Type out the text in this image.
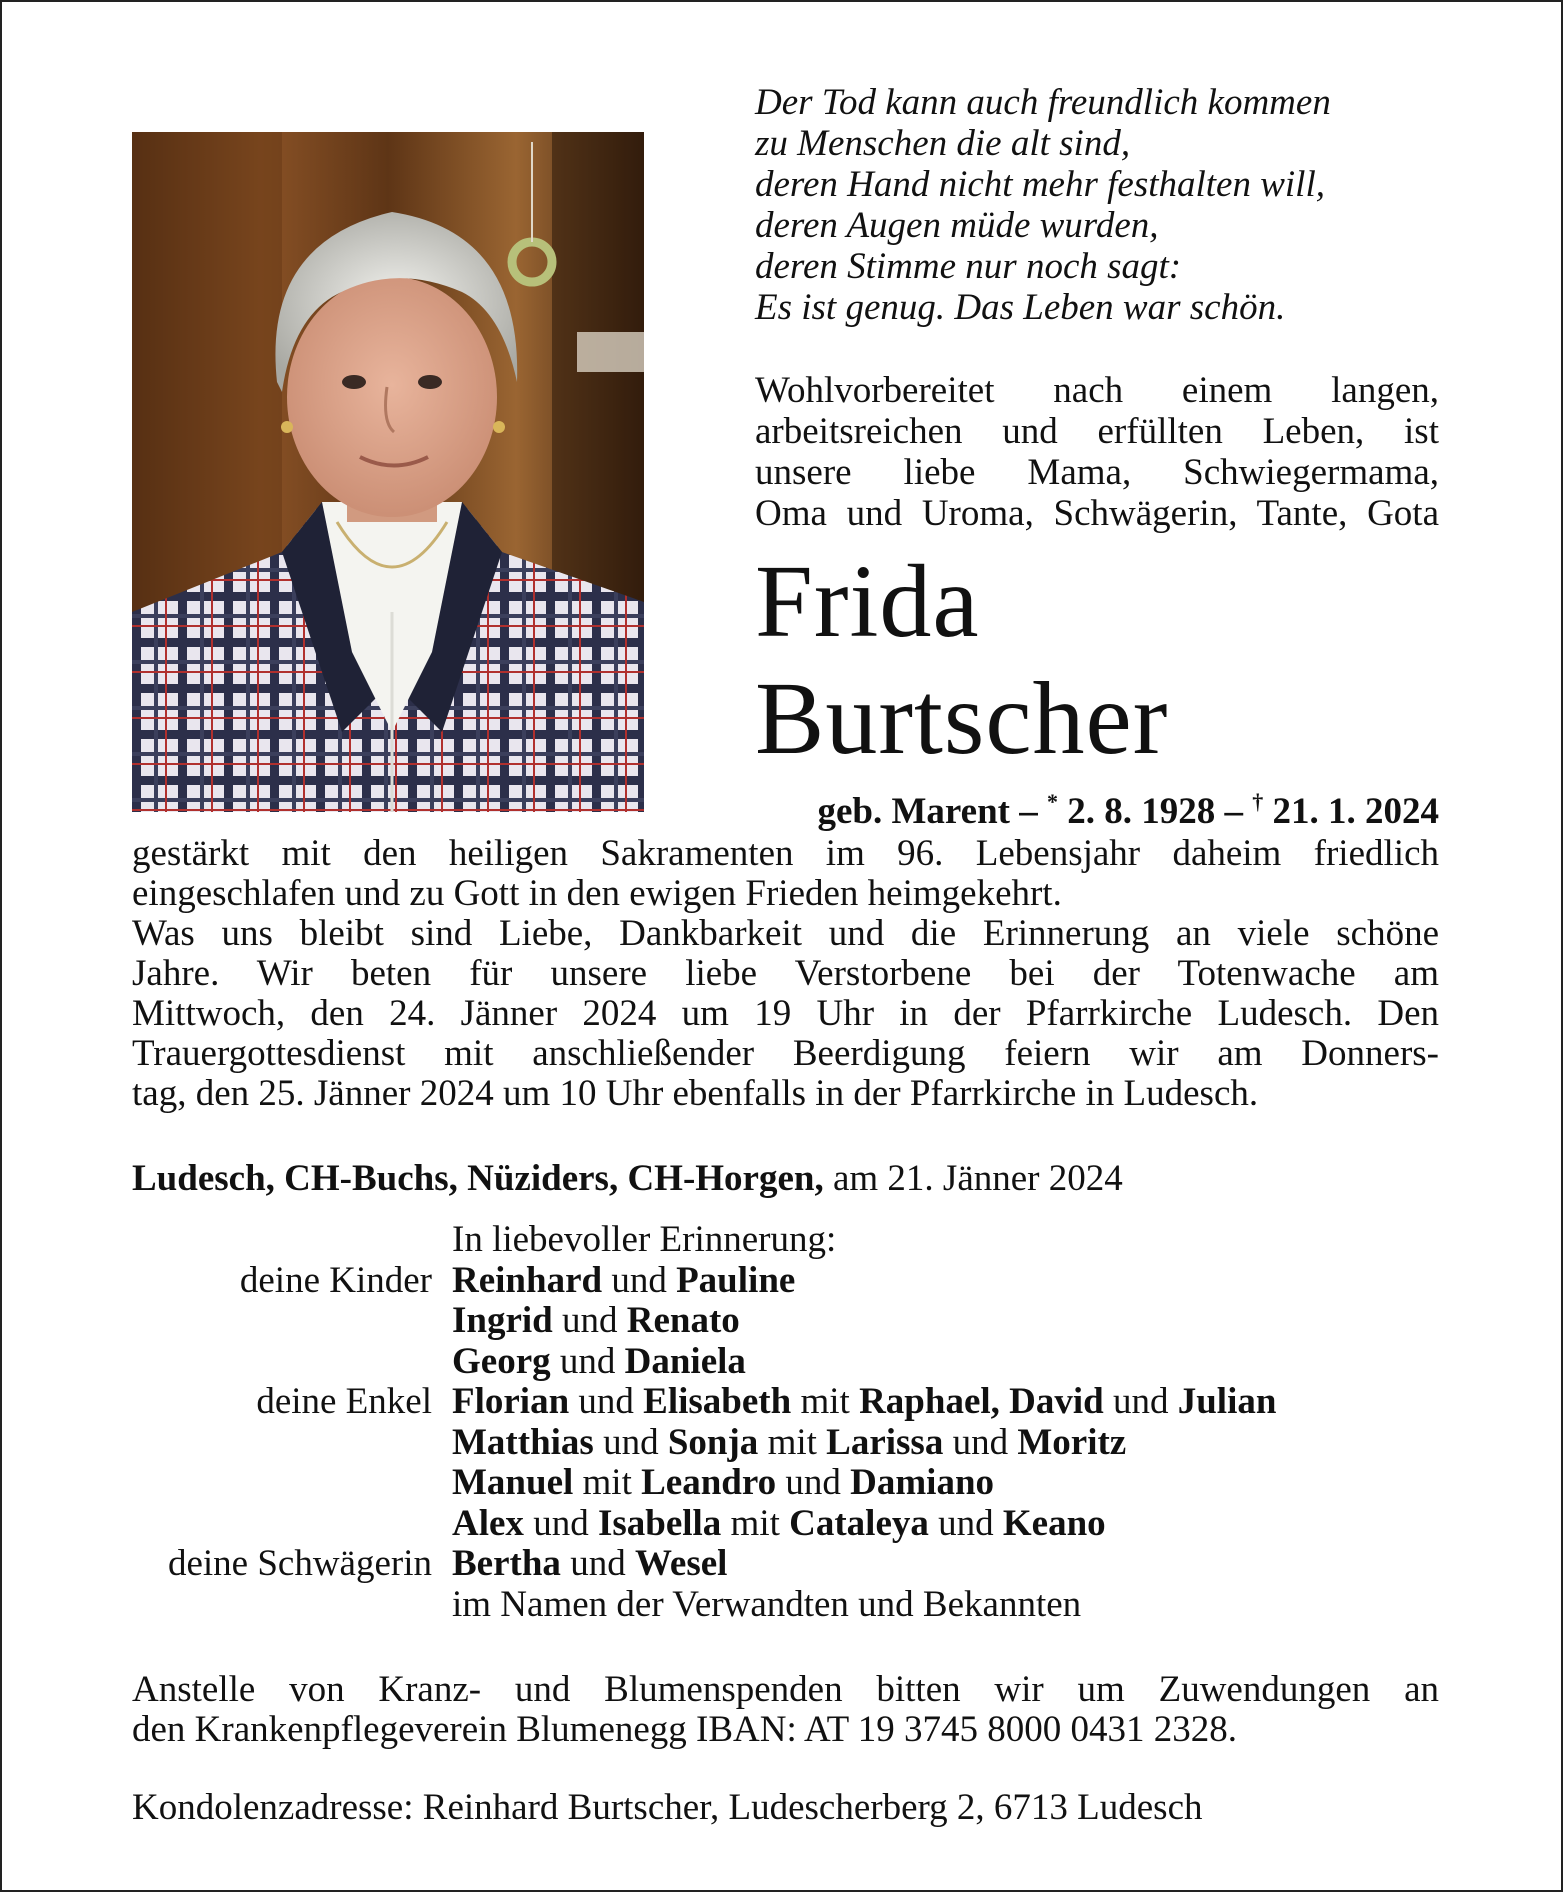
Der Tod kann auch freundlich kommen
zu Menschen die alt sind,
deren Hand nicht mehr festhalten will,
deren Augen müde wurden,
deren Stimme nur noch sagt:
Es ist genug. Das Leben war schön.
Wohlvorbereitet nach einem langen,
arbeitsreichen und erfüllten Leben, ist
unsere liebe Mama, Schwiegermama,
Oma und Uroma, Schwägerin, Tante, Gota
Frida
Burtscher
geb. Marent – * 2. 8. 1928 – † 21. 1. 2024
gestärkt mit den heiligen Sakramenten im 96. Lebensjahr daheim friedlich
eingeschlafen und zu Gott in den ewigen Frieden heimgekehrt.
Was uns bleibt sind Liebe, Dankbarkeit und die Erinnerung an viele schöne
Jahre. Wir beten für unsere liebe Verstorbene bei der Totenwache am
Mittwoch, den 24. Jänner 2024 um 19 Uhr in der Pfarrkirche Ludesch. Den
Trauergottesdienst mit anschließender Beerdigung feiern wir am Donners-
tag, den 25. Jänner 2024 um 10 Uhr ebenfalls in der Pfarrkirche in Ludesch.
Ludesch, CH-Buchs, Nüziders, CH-Horgen, am 21. Jänner 2024
In liebevoller Erinnerung:
deine Kinder Reinhard und Pauline
Ingrid und Renato
Georg und Daniela
deine Enkel Florian und Elisabeth mit Raphael, David und Julian
Matthias und Sonja mit Larissa und Moritz
Manuel mit Leandro und Damiano
Alex und Isabella mit Cataleya und Keano
deine Schwägerin Bertha und Wesel
im Namen der Verwandten und Bekannten
Anstelle von Kranz- und Blumenspenden bitten wir um Zuwendungen an
den Krankenpflegeverein Blumenegg IBAN: AT 19 3745 8000 0431 2328.
Kondolenzadresse: Reinhard Burtscher, Ludescherberg 2, 6713 Ludesch
